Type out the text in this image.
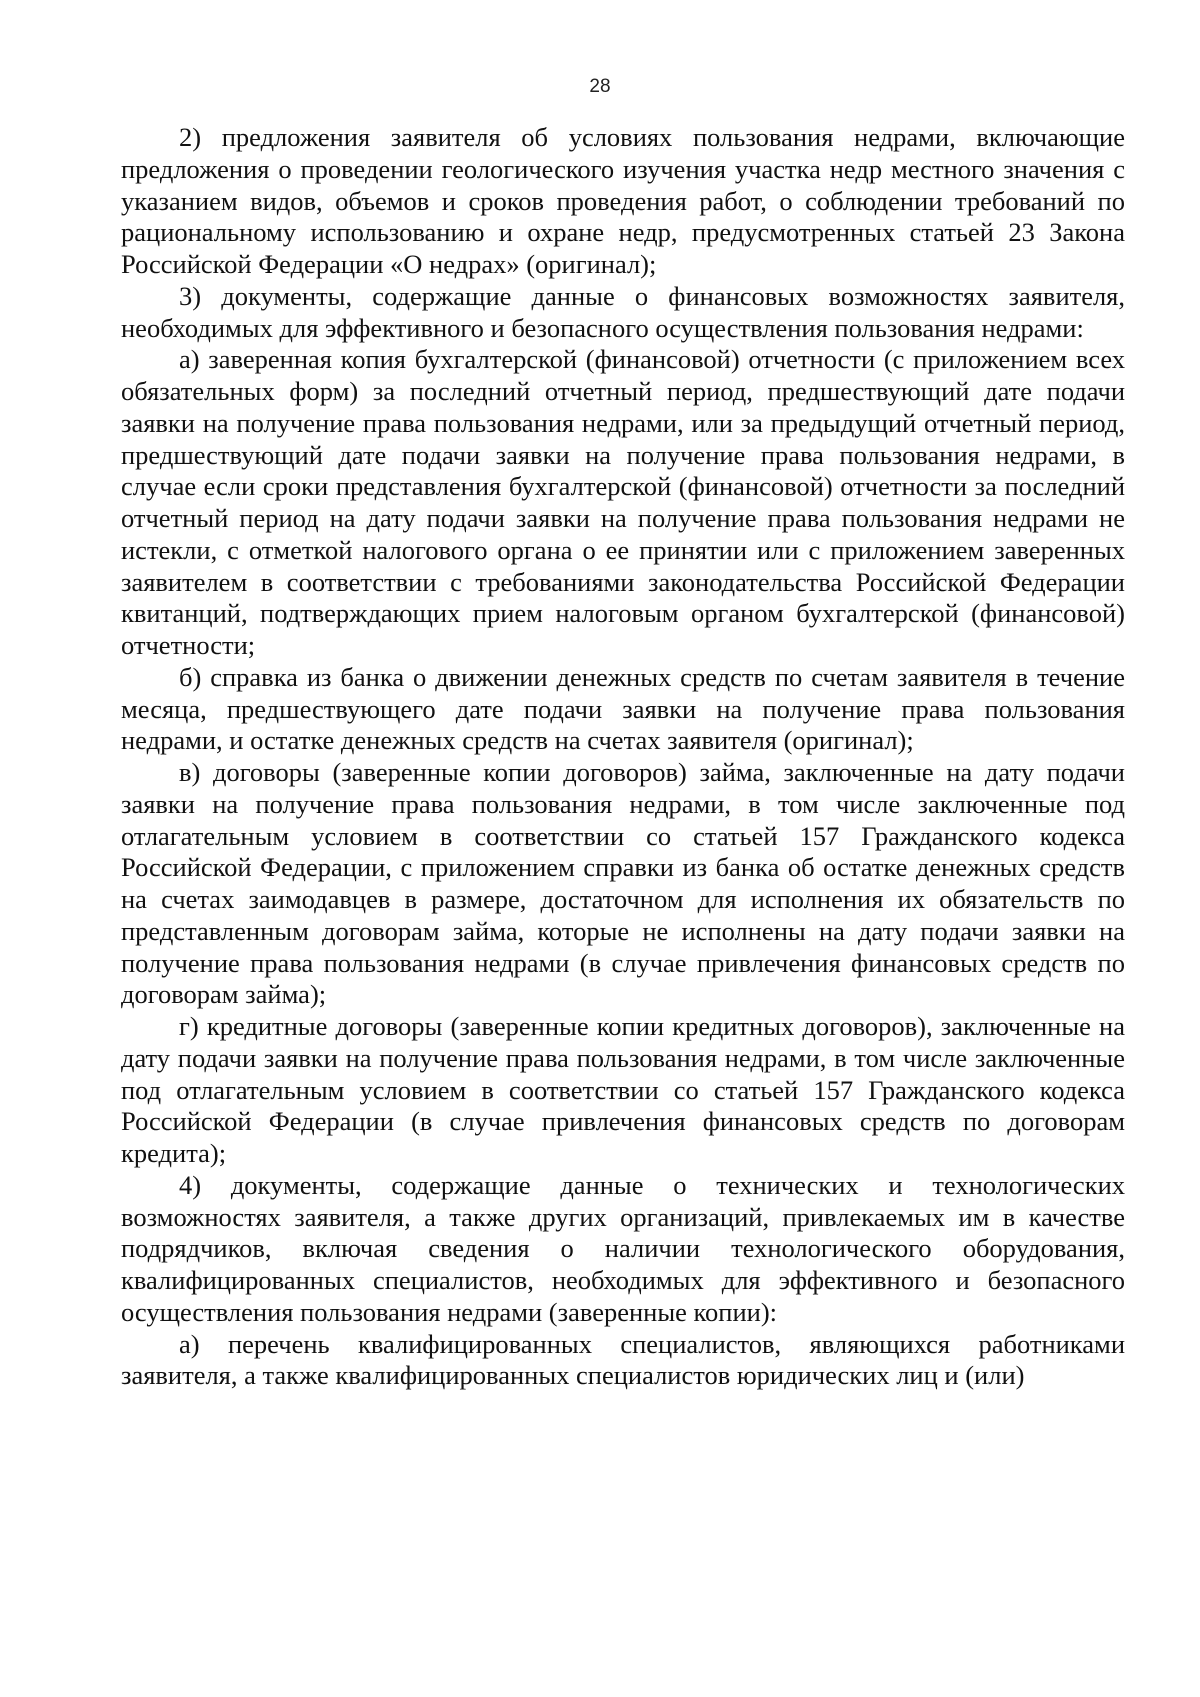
28

2) предложения заявителя об условиях пользования недрами, включающие предложения о проведении геологического изучения участка недр местного значения с указанием видов, объемов и сроков проведения работ, о соблюдении требований по рациональному использованию и охране недр, предусмотренных статьей 23 Закона Российской Федерации «О недрах» (оригинал);

3) документы, содержащие данные о финансовых возможностях заявителя, необходимых для эффективного и безопасного осуществления пользования недрами:

а) заверенная копия бухгалтерской (финансовой) отчетности (с приложением всех обязательных форм) за последний отчетный период, предшествующий дате подачи заявки на получение права пользования недрами, или за предыдущий отчетный период, предшествующий дате подачи заявки на получение права пользования недрами, в случае если сроки представления бухгалтерской (финансовой) отчетности за последний отчетный период на дату подачи заявки на получение права пользования недрами не истекли, с отметкой налогового органа о ее принятии или с приложением заверенных заявителем в соответствии с требованиями законодательства Российской Федерации квитанций, подтверждающих прием налоговым органом бухгалтерской (финансовой) отчетности;

б) справка из банка о движении денежных средств по счетам заявителя в течение месяца, предшествующего дате подачи заявки на получение права пользования недрами, и остатке денежных средств на счетах заявителя (оригинал);

в) договоры (заверенные копии договоров) займа, заключенные на дату подачи заявки на получение права пользования недрами, в том числе заключенные под отлагательным условием в соответствии со статьей 157 Гражданского кодекса Российской Федерации, с приложением справки из банка об остатке денежных средств на счетах заимодавцев в размере, достаточном для исполнения их обязательств по представленным договорам займа, которые не исполнены на дату подачи заявки на получение права пользования недрами (в случае привлечения финансовых средств по договорам займа);

г) кредитные договоры (заверенные копии кредитных договоров), заключенные на дату подачи заявки на получение права пользования недрами, в том числе заключенные под отлагательным условием в соответствии со статьей 157 Гражданского кодекса Российской Федерации (в случае привлечения финансовых средств по договорам кредита);

4) документы, содержащие данные о технических и технологических возможностях заявителя, а также других организаций, привлекаемых им в качестве подрядчиков, включая сведения о наличии технологического оборудования, квалифицированных специалистов, необходимых для эффективного и безопасного осуществления пользования недрами (заверенные копии):

а) перечень квалифицированных специалистов, являющихся работниками заявителя, а также квалифицированных специалистов юридических лиц и (или)
